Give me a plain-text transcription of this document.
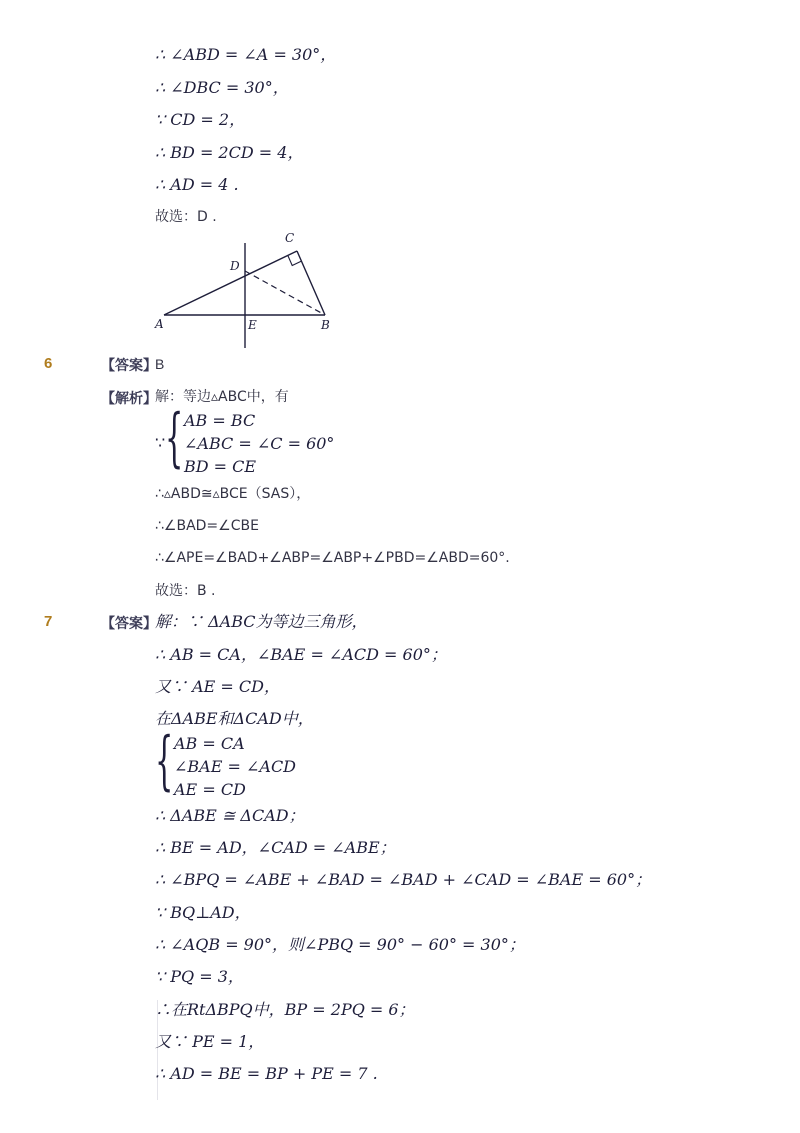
∴ ∠ABD = ∠A = 30°，
∴ ∠DBC = 30°，
∵ CD = 2，
∴ BD = 2CD = 4，
∴ AD = 4 .
故选：D .
A	B
C
D
E
6	【答案】
B
【解析】
解：等边▵ABC中，有
∵ { AB = BC
∠ABC = ∠C = 60°
BD = CE
∴▵ABD≅▵BCE（SAS），
∴∠BAD=∠CBE
∴∠APE=∠BAD+∠ABP=∠ABP+∠PBD=∠ABD=60°.
故选：B .
7	【答案】
解：∵ ΔABC为等边三角形，
∴ AB = CA，∠BAE = ∠ACD = 60°；
又∵ AE = CD，
在ΔABE和ΔCAD中，
{ AB = CA
∠BAE = ∠ACD
AE = CD
∴ ΔABE ≅ ΔCAD；
∴ BE = AD，∠CAD = ∠ABE；
∴ ∠BPQ = ∠ABE + ∠BAD = ∠BAD + ∠CAD = ∠BAE = 60°；
∵ BQ⊥AD，
∴ ∠AQB = 90°，则∠PBQ = 90° − 60° = 30°；
∵ PQ = 3，
∴在RtΔBPQ中，BP = 2PQ = 6；
又∵ PE = 1，
∴ AD = BE = BP + PE = 7 .
